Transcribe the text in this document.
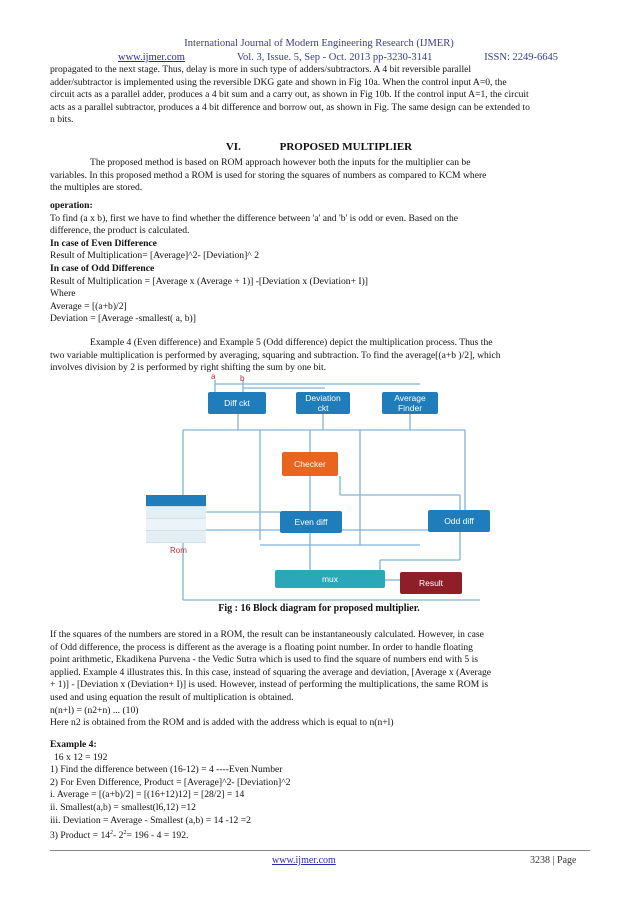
International Journal of Modern Engineering Research (IJMER)
www.ijmer.com	Vol. 3, Issue. 5, Sep - Oct. 2013 pp-3230-3141	ISSN: 2249-6645
propagated to the next stage. Thus, delay is more in such type of adders/subtractors. A 4 bit reversible parallel
adder/subtractor is implemented using the reversible DKG gate and shown in Fig 10a. When the control input A=0, the
circuit acts as a parallel adder, produces a 4 bit sum and a carry out, as shown in Fig 10b. If the control input A=1, the circuit
acts as a parallel subtractor, produces a 4 bit difference and borrow out, as shown in Fig. The same design can be extended to
n bits.
VI.	PROPOSED MULTIPLIER
The proposed method is based on ROM approach however both the inputs for the multiplier can be
variables. In this proposed method a ROM is used for storing the squares of numbers as compared to KCM where
the multiples are stored.
operation:
To find (a x b), first we have to find whether the difference between 'a' and 'b' is odd or even. Based on the
difference, the product is calculated.
In case of Even Difference
Result of Multiplication= [Average]^2- [Deviation]^ 2
In case of Odd Difference
Result of Multiplication = [Average x (Average + 1)] -[Deviation x (Deviation+ I)]
Where
Average = [(a+b)/2]
Deviation = [Average -smallest( a, b)]
Example 4 (Even difference) and Example 5 (Odd difference) depict the multiplication process. Thus the
two variable multiplication is performed by averaging, squaring and subtraction. To find the average[(a+b )/2], which
involves division by 2 is performed by right shifting the sum by one bit.
a	b
Diff ckt	Deviation
ckt
Average
Finder
Checker
Even diff	Odd diff
Rom
mux	Result
Fig : 16 Block diagram for proposed multiplier.
If the squares of the numbers are stored in a ROM, the result can be instantaneously calculated. However, in case
of Odd difference, the process is different as the average is a floating point number. In order to handle floating
point arithmetic, Ekadikena Purvena - the Vedic Sutra which is used to find the square of numbers end with 5 is
applied. Example 4 illustrates this. In this case, instead of squaring the average and deviation, [Average x (Average
+ 1)] - [Deviation x (Deviation+ I)] is used. However, instead of performing the multiplications, the same ROM is
used and using equation the result of multiplication is obtained.
n(n+l) = (n2+n) ... (10)
Here n2 is obtained from the ROM and is added with the address which is equal to n(n+l)
Example 4:
16 x 12 = 192
1) Find the difference between (16-12) = 4 ----Even Number
2) For Even Difference, Product = [Average]^2- [Deviation]^2
i. Average = [(a+b)/2] = [(16+12)12] = [28/2] = 14
ii. Smallest(a,b) = smallest(l6,12) =12
iii. Deviation = Average - Smallest (a,b) = 14 -12 =2
3) Product = $14^2-$ $2^2= 196 - 4 = 192$.
www.ijmer.com	3238 | Page
